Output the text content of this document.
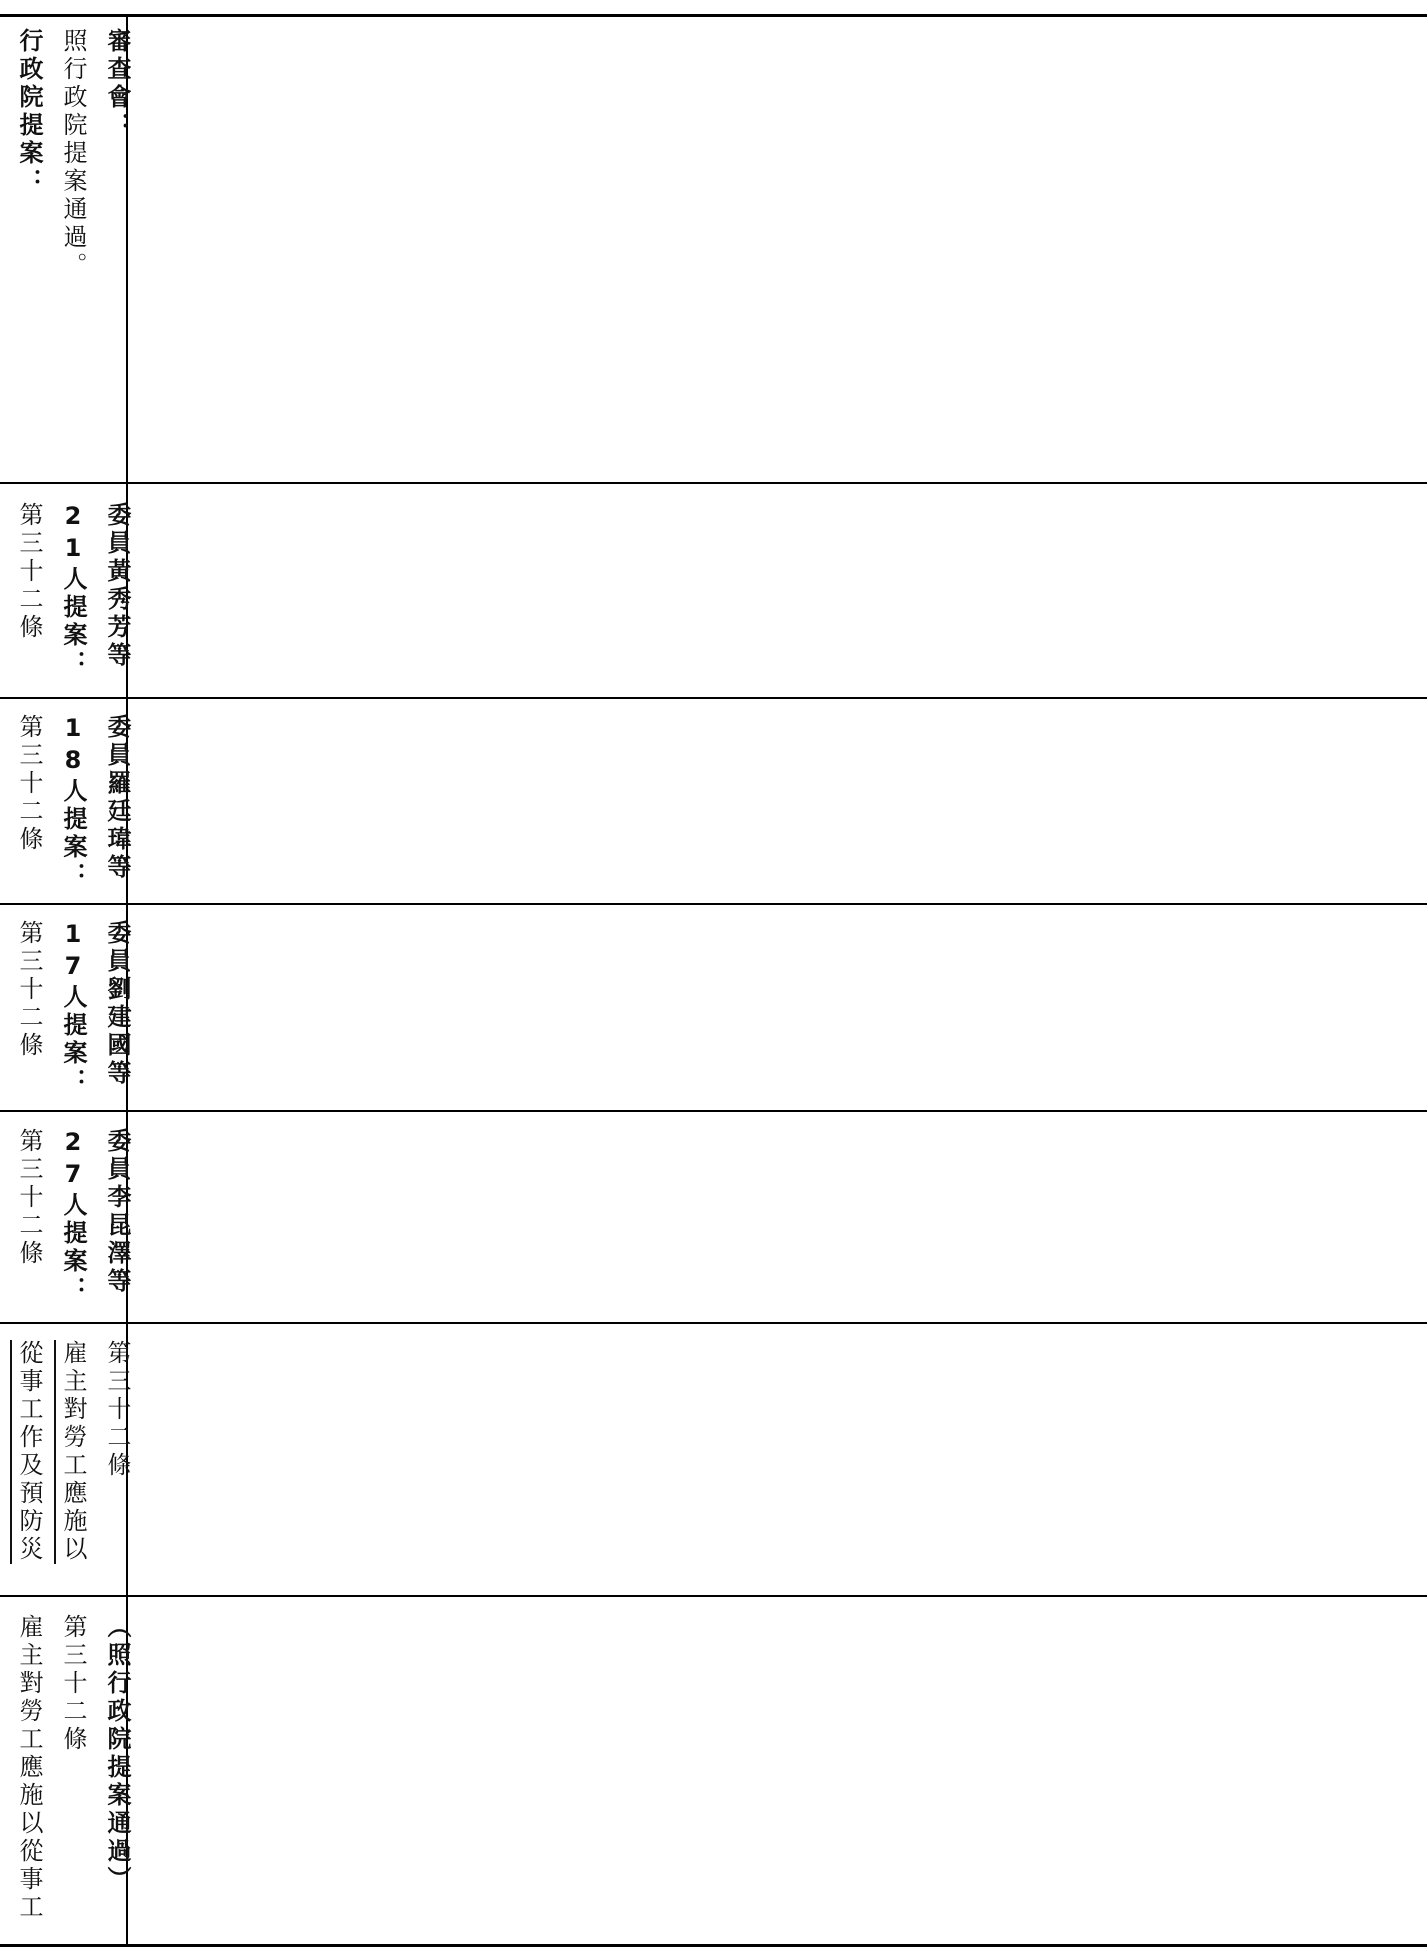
（照行政院提案通過）
第三十二條
雇主對勞工應施以從事工
第三十二條
雇主對勞工應施以從事工作及預防災
委員李昆澤等27人提案：
第三十二條
委員劉建國等17人提案：
第三十二條
委員羅廷瑋等18人提案：
第三十二條
委員黃秀芳等21人提案：
第三十二條
審查會：
照行政院提案通過。
行政院提案：
